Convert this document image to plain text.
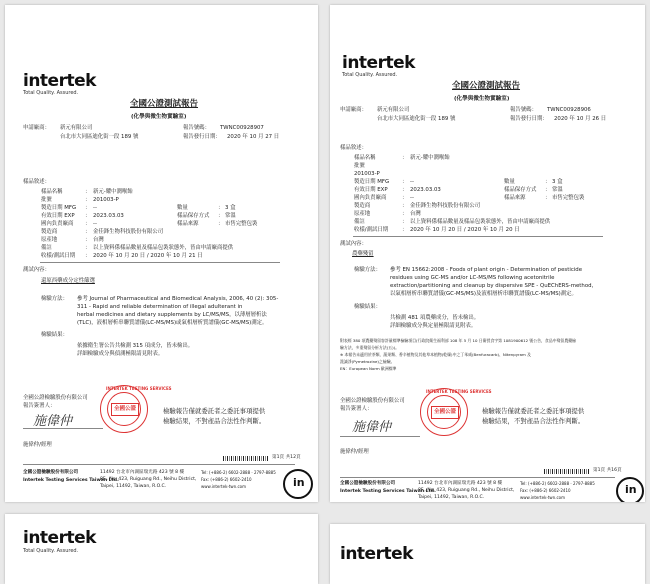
intertek
Total Quality. Assured.
全國公證測試報告
(化學與微生物實驗室)
申請廠商： 新元有限公司
台北市大同區迪化街一段 189 號
報告號碼： TWNC00928907
報告發行日期： 2020 年 10 月 27 日
樣品敘述：
樣品名稱	： 新元-耀中潤喉飴
批號	： 201003-P
製造日期 MFG ： --	數量	： 3 盒
有效日期 EXP ： 2023.03.03	樣品保存方式 ： 常溫
國內負責廠商 ： --	樣品來源	： 市售完整包裝
製造商	： 金佳鋒生物科技股份有限公司
原產地	： 台灣
備註	： 以上資料係樣品數量及樣品包裝狀態外，皆由申請廠商提供
收樣/測試日期 ： 2020 年 10 月 20 日 / 2020 年 10 月 21 日
測試內容：
還原西藥成分定性篩選
檢驗方法： 參考 Journal of Pharmaceutical and Biomedical Analysis, 2006, 40 (2): 305-
311 - Rapid and reliable determination of illegal adulterant in
herbal medicines and dietary supplements by LC/MS/MS，以薄層層析法
(TLC)，液相層析串聯質譜儀(LC-MS/MS)或氣相層析質譜儀(GC-MS/MS)測定。
檢驗結果：
依據衛生署公告共檢測 315 項成分，皆未檢出。
詳細檢驗成分與偵測極限請見附表。
全國公證檢驗股份有限公司
報告簽署人：
施偉仲
施偉仲/經理
INTERTEK TESTING SERVICES
全國公證	檢驗報告僅就委託者之委託事項提供
檢驗結果，不對產品合法性作判斷。
第1頁 共12頁
全國公證檢驗股份有限公司
Intertek Testing Services Taiwan Ltd.
11492 台北市內湖區瑞光路 423 號 8 樓
8F., No. 423, Ruiguang Rd., Neihu District,
Taipei, 11492, Taiwan, R.O.C.
Tel: (+886-2) 6602-2888 · 2797-8885
Fax: (+886-2) 6602-2410
www.intertek-twn.com	in
intertek
Total Quality. Assured.
全國公證測試報告
(化學與微生物實驗室)
申請廠商： 新元有限公司
台北市大同區迪化街一段 189 號
報告號碼： TWNC00928906
報告發行日期： 2020 年 10 月 26 日
樣品敘述：
樣品名稱	： 新元-耀中潤喉飴
批號
201003-P
製造日期 MFG ： --	數量	： 3 盒
有效日期 EXP	： 2023.03.03	樣品保存方式 ： 常溫
國內負責廠商	： --	樣品來源	： 市售完整包裝
製造商	： 金佳鋒生物科技股份有限公司
原產地	： 台灣
備註	： 以上資料係樣品數量及樣品包裝狀態外，皆由申請廠商提供
收樣/測試日期	： 2020 年 10 月 20 日 / 2020 年 10 月 20 日
測試內容：
農藥殘留
檢驗方法： 參考 EN 15662:2008 - Foods of plant origin - Determination of pesticide
residues using GC-MS and/or LC-MS/MS following acetonitrile
extraction/partitioning and cleanup by dispersive SPE - QuEChERS-method，
以氣相層析串聯質譜儀(GC-MS/MS)及液相層析串聯質譜儀(LC-MS/MS)測定。
檢驗結果：
共檢測 481 項農藥成分，皆未檢出。
詳細檢驗成分與定量極限請見附表。
附表經 380 項農藥殘留容許量標準檢驗項目(行政院衛生福利部 108 年 5 月 10 日衛授食字第 1081900612 號公告，食品中殘留農藥檢
驗方法，多重殘留分析方法(五))。
※ 本報告未適用於茶類、蔬果類、香辛植物及其他草本植物(乾燥)中之丁苯威(Benfuracarb)、Nitenpyram 及
派滅淨(Pymetrozine)之檢驗。
EN：European Norm 歐洲標準
全國公證檢驗股份有限公司
報告簽署人：
施偉仲
施偉仲/經理
INTERTEK TESTING SERVICES
全國公證	檢驗報告僅就委託者之委託事項提供
檢驗結果，不對產品合法性作判斷。
第1頁 共16頁
全國公證檢驗股份有限公司
Intertek Testing Services Taiwan Ltd.
11492 台北市內湖區瑞光路 423 號 8 樓
8F., No. 423, Ruiguang Rd., Neihu District,
Taipei, 11492, Taiwan, R.O.C.
Tel: (+886-2) 6602-2888 · 2797-8885
Fax: (+886-2) 6602-2410
www.intertek-twn.com
in
intertek
Total Quality. Assured.	intertek
